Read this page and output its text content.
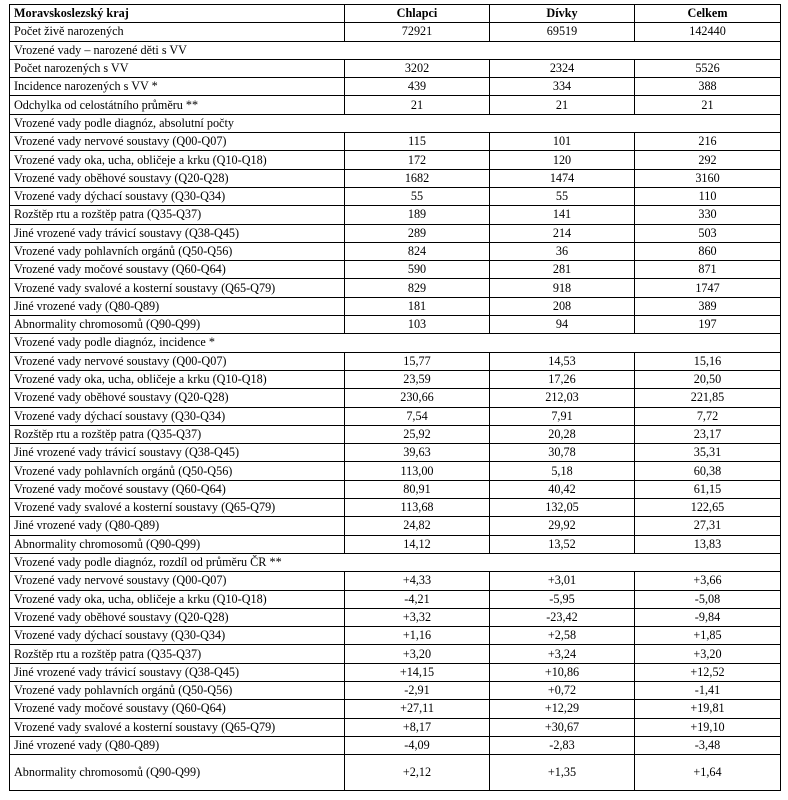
Moravskoslezský kraj	Chlapci	Dívky	Celkem
Počet živě narozených	72921	69519	142440
Vrozené vady – narozené děti s VV			
Počet narozených s VV	3202	2324	5526
Incidence narozených s VV *	439	334	388
Odchylka od celostátního průměru **	21	21	21
Vrozené vady podle diagnóz, absolutní počty			
Vrozené vady nervové soustavy (Q00-Q07)	115	101	216
Vrozené vady oka, ucha, obličeje a krku (Q10-Q18)	172	120	292
Vrozené vady oběhové soustavy (Q20-Q28)	1682	1474	3160
Vrozené vady dýchací soustavy (Q30-Q34)	55	55	110
Rozštěp rtu a rozštěp patra (Q35-Q37)	189	141	330
Jiné vrozené vady trávicí soustavy (Q38-Q45)	289	214	503
Vrozené vady pohlavních orgánů (Q50-Q56)	824	36	860
Vrozené vady močové soustavy (Q60-Q64)	590	281	871
Vrozené vady svalové a kosterní soustavy (Q65-Q79)	829	918	1747
Jiné vrozené vady (Q80-Q89)	181	208	389
Abnormality chromosomů (Q90-Q99)	103	94	197
Vrozené vady podle diagnóz, incidence *			
Vrozené vady nervové soustavy (Q00-Q07)	15,77	14,53	15,16
Vrozené vady oka, ucha, obličeje a krku (Q10-Q18)	23,59	17,26	20,50
Vrozené vady oběhové soustavy (Q20-Q28)	230,66	212,03	221,85
Vrozené vady dýchací soustavy (Q30-Q34)	7,54	7,91	7,72
Rozštěp rtu a rozštěp patra (Q35-Q37)	25,92	20,28	23,17
Jiné vrozené vady trávicí soustavy (Q38-Q45)	39,63	30,78	35,31
Vrozené vady pohlavních orgánů (Q50-Q56)	113,00	5,18	60,38
Vrozené vady močové soustavy (Q60-Q64)	80,91	40,42	61,15
Vrozené vady svalové a kosterní soustavy (Q65-Q79)	113,68	132,05	122,65
Jiné vrozené vady (Q80-Q89)	24,82	29,92	27,31
Abnormality chromosomů (Q90-Q99)	14,12	13,52	13,83
Vrozené vady podle diagnóz, rozdíl od průměru ČR **			
Vrozené vady nervové soustavy (Q00-Q07)	+4,33	+3,01	+3,66
Vrozené vady oka, ucha, obličeje a krku (Q10-Q18)	-4,21	-5,95	-5,08
Vrozené vady oběhové soustavy (Q20-Q28)	+3,32	-23,42	-9,84
Vrozené vady dýchací soustavy (Q30-Q34)	+1,16	+2,58	+1,85
Rozštěp rtu a rozštěp patra (Q35-Q37)	+3,20	+3,24	+3,20
Jiné vrozené vady trávicí soustavy (Q38-Q45)	+14,15	+10,86	+12,52
Vrozené vady pohlavních orgánů (Q50-Q56)	-2,91	+0,72	-1,41
Vrozené vady močové soustavy (Q60-Q64)	+27,11	+12,29	+19,81
Vrozené vady svalové a kosterní soustavy (Q65-Q79)	+8,17	+30,67	+19,10
Jiné vrozené vady (Q80-Q89)	-4,09	-2,83	-3,48
Abnormality chromosomů (Q90-Q99)	+2,12	+1,35	+1,64
